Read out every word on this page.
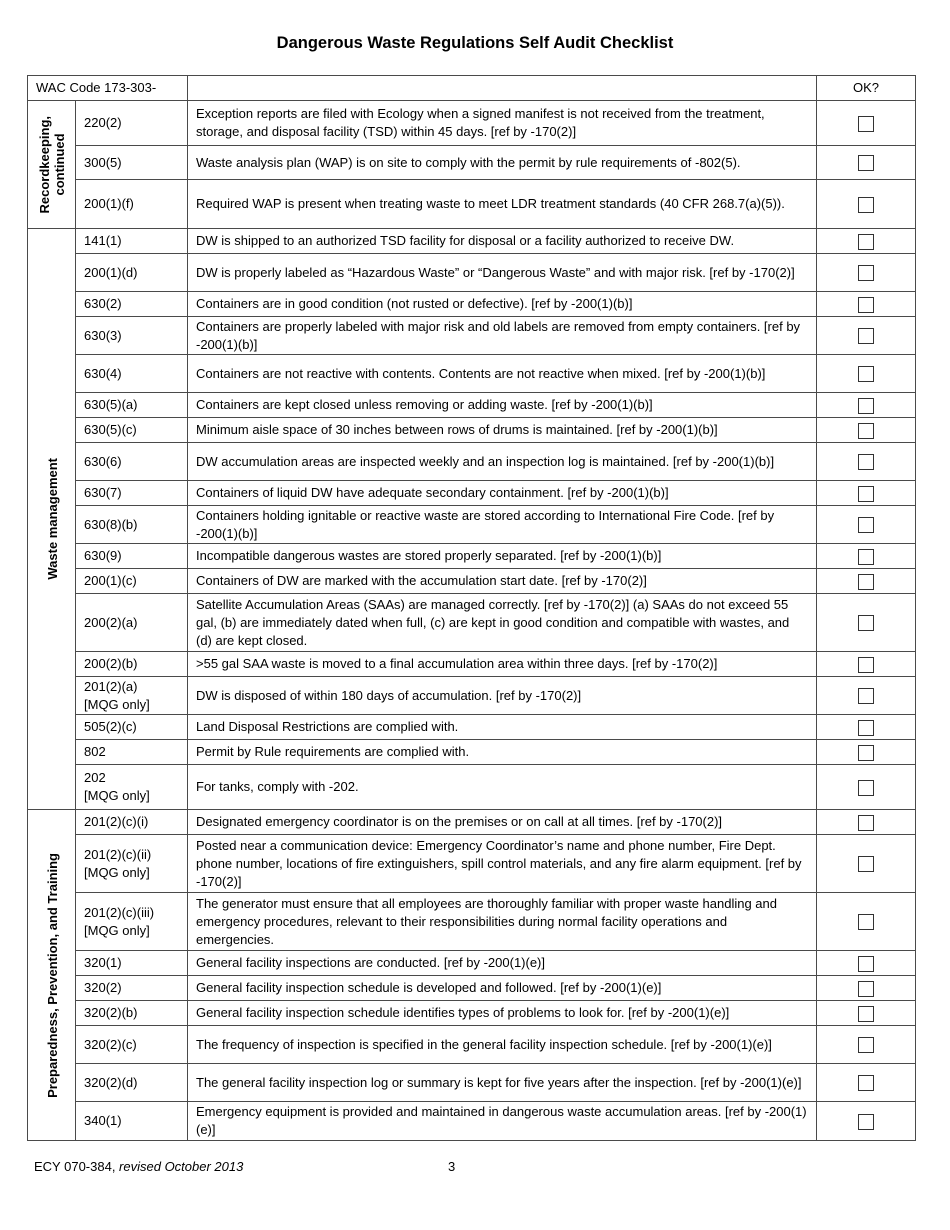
Dangerous Waste Regulations Self Audit Checklist
WAC Code 173-303-			OK?

Recordkeeping,
continued	220(2)	Exception reports are filed with Ecology when a signed manifest is not received from the treatment, storage, and disposal facility (TSD) within 45 days. [ref by -170(2)]	
	300(5)	Waste analysis plan (WAP) is on site to comply with the permit by rule requirements of -802(5).	
	200(1)(f)	Required WAP is present when treating waste to meet LDR treatment standards (40 CFR 268.7(a)(5)).	

Waste management	141(1)	DW is shipped to an authorized TSD facility for disposal or a facility authorized to receive DW.	
	200(1)(d)	DW is properly labeled as “Hazardous Waste” or “Dangerous Waste” and with major risk. [ref by -170(2)]	
	630(2)	Containers are in good condition (not rusted or defective). [ref by -200(1)(b)]	
	630(3)	Containers are properly labeled with major risk and old labels are removed from empty containers. [ref by -200(1)(b)]	
	630(4)	Containers are not reactive with contents. Contents are not reactive when mixed. [ref by -200(1)(b)]	
	630(5)(a)	Containers are kept closed unless removing or adding waste. [ref by -200(1)(b)]	
	630(5)(c)	Minimum aisle space of 30 inches between rows of drums is maintained. [ref by -200(1)(b)]	
	630(6)	DW accumulation areas are inspected weekly and an inspection log is maintained. [ref by -200(1)(b)]	
	630(7)	Containers of liquid DW have adequate secondary containment. [ref by -200(1)(b)]	
	630(8)(b)	Containers holding ignitable or reactive waste are stored according to International Fire Code. [ref by -200(1)(b)]	
	630(9)	Incompatible dangerous wastes are stored properly separated. [ref by -200(1)(b)]	
	200(1)(c)	Containers of DW are marked with the accumulation start date. [ref by -170(2)]	
	200(2)(a)	Satellite Accumulation Areas (SAAs) are managed correctly. [ref by -170(2)] (a) SAAs do not exceed 55 gal, (b) are immediately dated when full, (c) are kept in good condition and compatible with wastes, and (d) are kept closed.	
	200(2)(b)	>55 gal SAA waste is moved to a final accumulation area within three days. [ref by -170(2)]	
	201(2)(a)
[MQG only]	DW is disposed of within 180 days of accumulation. [ref by -170(2)]	
	505(2)(c)	Land Disposal Restrictions are complied with.	
	802	Permit by Rule requirements are complied with.	
	202
[MQG only]	For tanks, comply with -202.	

Preparedness, Prevention, and Training	201(2)(c)(i)	Designated emergency coordinator is on the premises or on call at all times. [ref by -170(2)]	
	201(2)(c)(ii)
[MQG only]	Posted near a communication device: Emergency Coordinator’s name and phone number, Fire Dept. phone number, locations of fire extinguishers, spill control materials, and any fire alarm equipment. [ref by -170(2)]	
	201(2)(c)(iii)
[MQG only]	The generator must ensure that all employees are thoroughly familiar with proper waste handling and emergency procedures, relevant to their responsibilities during normal facility operations and emergencies.	
	320(1)	General facility inspections are conducted. [ref by -200(1)(e)]	
	320(2)	General facility inspection schedule is developed and followed. [ref by -200(1)(e)]	
	320(2)(b)	General facility inspection schedule identifies types of problems to look for. [ref by -200(1)(e)]	
	320(2)(c)	The frequency of inspection is specified in the general facility inspection schedule. [ref by -200(1)(e)]	
	320(2)(d)	The general facility inspection log or summary is kept for five years after the inspection. [ref by -200(1)(e)]	
	340(1)	Emergency equipment is provided and maintained in dangerous waste accumulation areas. [ref by -200(1)(e)]	
ECY 070-384, revised October 2013	3
